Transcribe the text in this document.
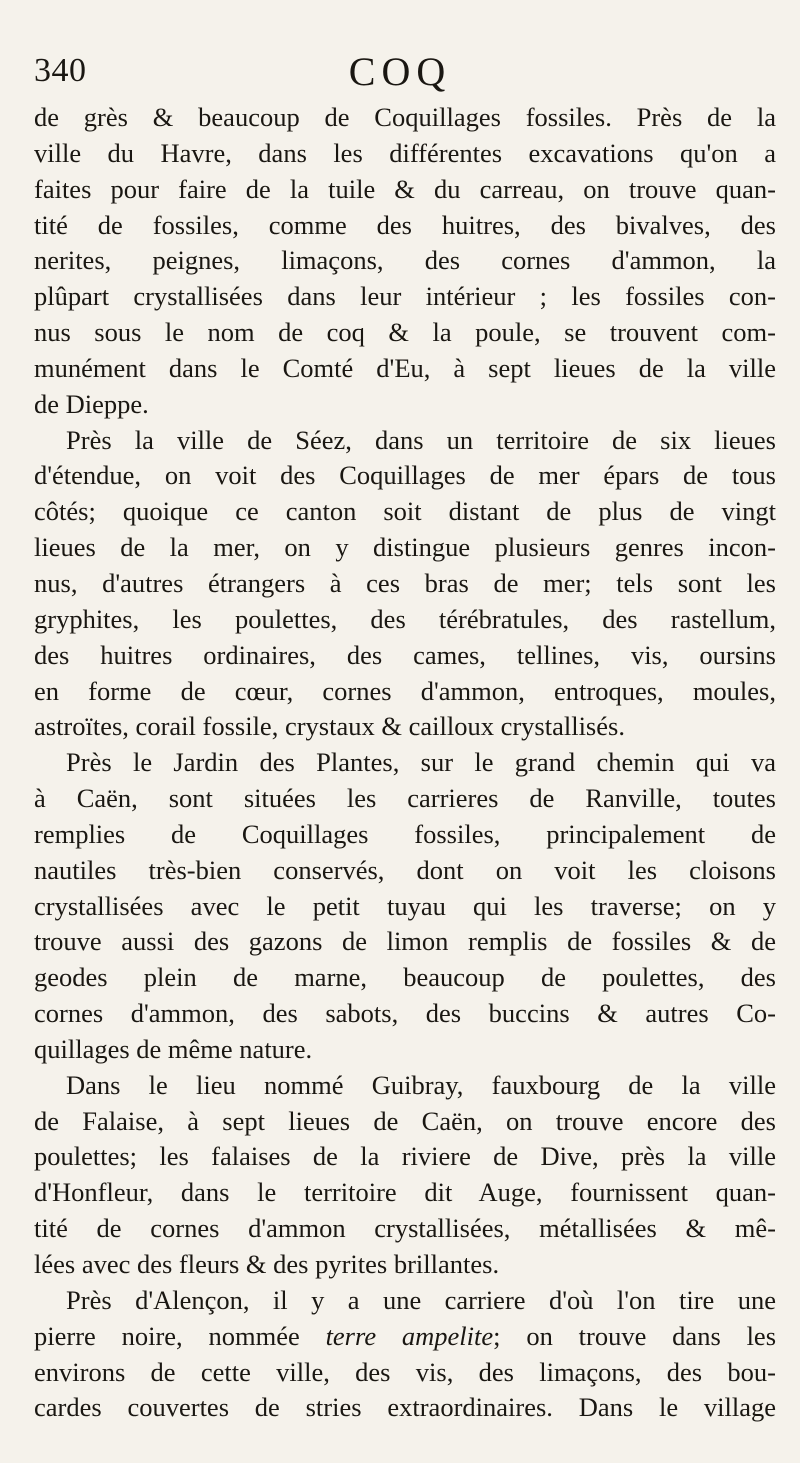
340	COQ
de grès & beaucoup de Coquillages fossiles. Près de la
ville du Havre, dans les différentes excavations qu'on a
faites pour faire de la tuile & du carreau, on trouve quan-
tité de fossiles, comme des huitres, des bivalves, des
nerites, peignes, limaçons, des cornes d'ammon, la
plûpart crystallisées dans leur intérieur ; les fossiles con-
nus sous le nom de coq & la poule, se trouvent com-
munément dans le Comté d'Eu, à sept lieues de la ville
de Dieppe.
Près la ville de Séez, dans un territoire de six lieues
d'étendue, on voit des Coquillages de mer épars de tous
côtés; quoique ce canton soit distant de plus de vingt
lieues de la mer, on y distingue plusieurs genres incon-
nus, d'autres étrangers à ces bras de mer; tels sont les
gryphites, les poulettes, des térébratules, des rastellum,
des huitres ordinaires, des cames, tellines, vis, oursins
en forme de cœur, cornes d'ammon, entroques, moules,
astroïtes, corail fossile, crystaux & cailloux crystallisés.
Près le Jardin des Plantes, sur le grand chemin qui va
à Caën, sont situées les carrieres de Ranville, toutes
remplies de Coquillages fossiles, principalement de
nautiles très-bien conservés, dont on voit les cloisons
crystallisées avec le petit tuyau qui les traverse; on y
trouve aussi des gazons de limon remplis de fossiles & de
geodes plein de marne, beaucoup de poulettes, des
cornes d'ammon, des sabots, des buccins & autres Co-
quillages de même nature.
Dans le lieu nommé Guibray, fauxbourg de la ville
de Falaise, à sept lieues de Caën, on trouve encore des
poulettes; les falaises de la riviere de Dive, près la ville
d'Honfleur, dans le territoire dit Auge, fournissent quan-
tité de cornes d'ammon crystallisées, métallisées & mê-
lées avec des fleurs & des pyrites brillantes.
Près d'Alençon, il y a une carriere d'où l'on tire une
pierre noire, nommée terre ampelite; on trouve dans les
environs de cette ville, des vis, des limaçons, des bou-
cardes couvertes de stries extraordinaires. Dans le village
